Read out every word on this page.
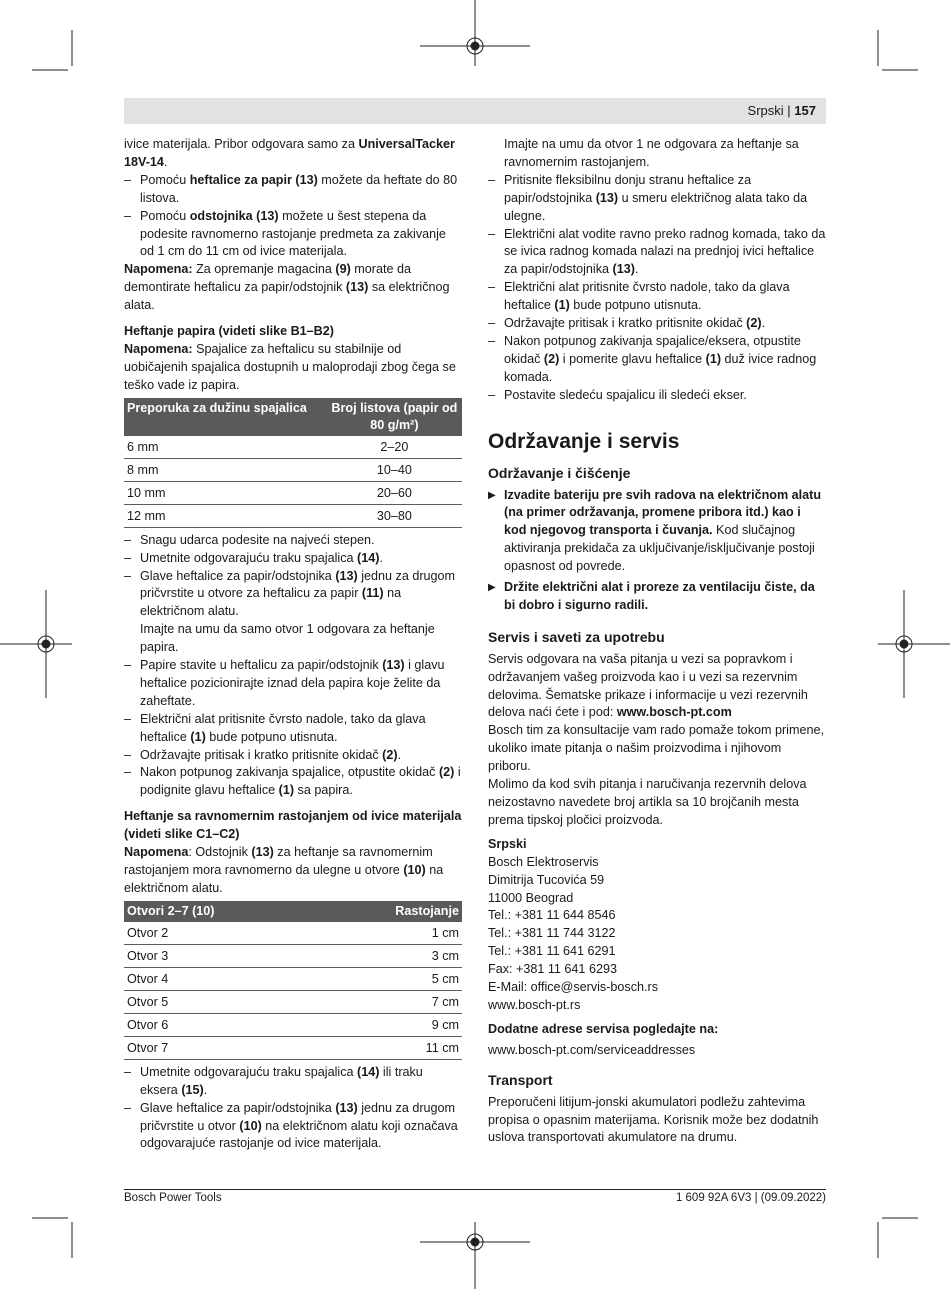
Srpski | 157

ivice materijala. Pribor odgovara samo za UniversalTacker 18V-14.

– Pomoću heftalice za papir (13) možete da heftate do 80 listova.

– Pomoću odstojnika (13) možete u šest stepena da podesite ravnomerno rastojanje predmeta za zakivanje od 1 cm do 11 cm od ivice materijala.

Napomena: Za opremanje magacina (9) morate da demontirate heftalicu za papir/odstojnik (13) sa električnog alata.

Heftanje papira (videti slike B1–B2)

Napomena: Spajalice za heftalicu su stabilnije od uobičajenih spajalica dostupnih u maloprodaji zbog čega se teško vade iz papira.

Preporuka za dužinu spajalica	Broj listova (papir od 80 g/m²)
6 mm	2–20
8 mm	10–40
10 mm	20–60
12 mm	30–80

– Snagu udarca podesite na najveći stepen.

– Umetnite odgovarajuću traku spajalica (14).

– Glave heftalice za papir/odstojnika (13) jednu za drugom pričvrstite u otvore za heftalicu za papir (11) na električnom alatu.

Imajte na umu da samo otvor 1 odgovara za heftanje papira.

– Papire stavite u heftalicu za papir/odstojnik (13) i glavu heftalice pozicionirajte iznad dela papira koje želite da zaheftate.

– Električni alat pritisnite čvrsto nadole, tako da glava heftalice (1) bude potpuno utisnuta.

– Održavajte pritisak i kratko pritisnite okidač (2).

– Nakon potpunog zakivanja spajalice, otpustite okidač (2) i podignite glavu heftalice (1) sa papira.

Heftanje sa ravnomernim rastojanjem od ivice materijala (videti slike C1–C2)

Napomena: Odstojnik (13) za heftanje sa ravnomernim rastojanjem mora ravnomerno da ulegne u otvore (10) na električnom alatu.

Otvori 2–7 (10)	Rastojanje
Otvor 2	1 cm
Otvor 3	3 cm
Otvor 4	5 cm
Otvor 5	7 cm
Otvor 6	9 cm
Otvor 7	11 cm

– Umetnite odgovarajuću traku spajalica (14) ili traku eksera (15).

– Glave heftalice za papir/odstojnika (13) jednu za drugom pričvrstite u otvor (10) na električnom alatu koji označava odgovarajuće rastojanje od ivice materijala.

Imajte na umu da otvor 1 ne odgovara za heftanje sa ravnomernim rastojanjem.

– Pritisnite fleksibilnu donju stranu heftalice za papir/odstojnika (13) u smeru električnog alata tako da ulegne.

– Električni alat vodite ravno preko radnog komada, tako da se ivica radnog komada nalazi na prednjoj ivici heftalice za papir/odstojnika (13).

– Električni alat pritisnite čvrsto nadole, tako da glava heftalice (1) bude potpuno utisnuta.

– Održavajte pritisak i kratko pritisnite okidač (2).

– Nakon potpunog zakivanja spajalice/eksera, otpustite okidač (2) i pomerite glavu heftalice (1) duž ivice radnog komada.

– Postavite sledeću spajalicu ili sledeći ekser.

Održavanje i servis

Održavanje i čišćenje

▶ Izvadite bateriju pre svih radova na električnom alatu (na primer održavanja, promene pribora itd.) kao i kod njegovog transporta i čuvanja. Kod slučajnog aktiviranja prekidača za uključivanje/isključivanje postoji opasnost od povrede.

▶ Držite električni alat i proreze za ventilaciju čiste, da bi dobro i sigurno radili.

Servis i saveti za upotrebu

Servis odgovara na vaša pitanja u vezi sa popravkom i održavanjem vašeg proizvoda kao i u vezi sa rezervnim delovima. Šematske prikaze i informacije u vezi rezervnih delova naći ćete i pod: www.bosch-pt.com

Bosch tim za konsultacije vam rado pomaže tokom primene, ukoliko imate pitanja o našim proizvodima i njihovom priboru.

Molimo da kod svih pitanja i naručivanja rezervnih delova neizostavno navedete broj artikla sa 10 brojčanih mesta prema tipskoj pločici proizvoda.

Srpski

Bosch Elektroservis

Dimitrija Tucovića 59

11000 Beograd

Tel.: +381 11 644 8546

Tel.: +381 11 744 3122

Tel.: +381 11 641 6291

Fax: +381 11 641 6293

E-Mail: office@servis-bosch.rs

www.bosch-pt.rs

Dodatne adrese servisa pogledajte na:

www.bosch-pt.com/serviceaddresses

Transport

Preporučeni litijum-jonski akumulatori podležu zahtevima propisa o opasnim materijama. Korisnik može bez dodatnih uslova transportovati akumulatore na drumu.

Bosch Power Tools	1 609 92A 6V3 | (09.09.2022)
